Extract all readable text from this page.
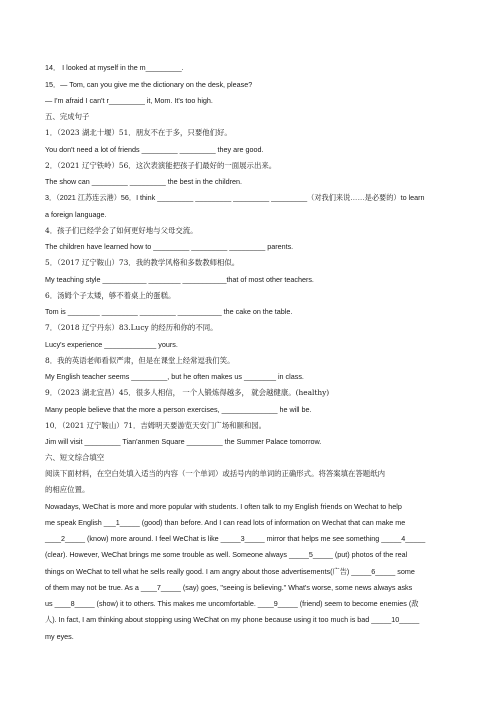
14． I looked at myself in the m_________.
15．— Tom, can you give me the dictionary on the desk, please?
— I'm afraid I can't r_________ it, Mom. It's too high.
五、完成句子
1．（2023 湖北十堰）51．朋友不在于多，只要他们好。
You don't need a lot of friends _________ _________ they are good.
2．（2021 辽宁铁岭）56．这次表演能把孩子们最好的一面展示出来。
The show can _________ _________ the best in the children.
3．（2021 江苏连云港）56．I think _________ _________ _________ _________（对我们来说……是必要的）to learn
a foreign language.
4．孩子们已经学会了如何更好地与父母交流。
The children have learned how to _________ _________ _________ parents.
5．（2017 辽宁鞍山）73．我的教学风格和多数教师相似。
My teaching style ___________ ________ ___________that of most other teachers.
6．汤姆个子太矮，够不着桌上的蛋糕。
Tom is ________ _________ _________ ___________ the cake on the table.
7．（2018 辽宁丹东）83.Lucy 的经历和你的不同。
Lucy's experience _____________ yours.
8．我的英语老师看似严肃，但是在课堂上经常逗我们笑。
My English teacher seems _________, but he often makes us ________ in class.
9．（2023 湖北宜昌）45．很多人相信， 一个人锻炼得越多， 就会越健康。(healthy)
Many people believe that the more a person exercises, ______________ he will be.
10．（2021 辽宁鞍山）71．吉姆明天要游览天安门广场和颐和园。
Jim will visit _________ Tian'anmen Square _________ the Summer Palace tomorrow.
六、短文综合填空
阅读下面材料，在空白处填入适当的内容（一个单词）或括号内的单词的正确形式。将答案填在答题纸内
的相应位置。
Nowadays, WeChat is more and more popular with students. I often talk to my English friends on Wechat to help
me speak English ___1_____ (good) than before. And I can read lots of information on Wechat that can make me
____2_____ (know) more around. I feel WeChat is like _____3_____ mirror that helps me see something _____4_____
(clear). However, WeChat brings me some trouble as well. Someone always _____5_____ (put) photos of the real
things on WeChat to tell what he sells really good. I am angry about those advertisements(广告) _____6_____ some
of them may not be true. As a ____7_____ (say) goes, "seeing is believing." What's worse, some news always asks
us ____8_____ (show) it to others. This makes me uncomfortable. ____9_____ (friend) seem to become enemies (敌
人). In fact, I am thinking about stopping using WeChat on my phone because using it too much is bad _____10_____
my eyes.
